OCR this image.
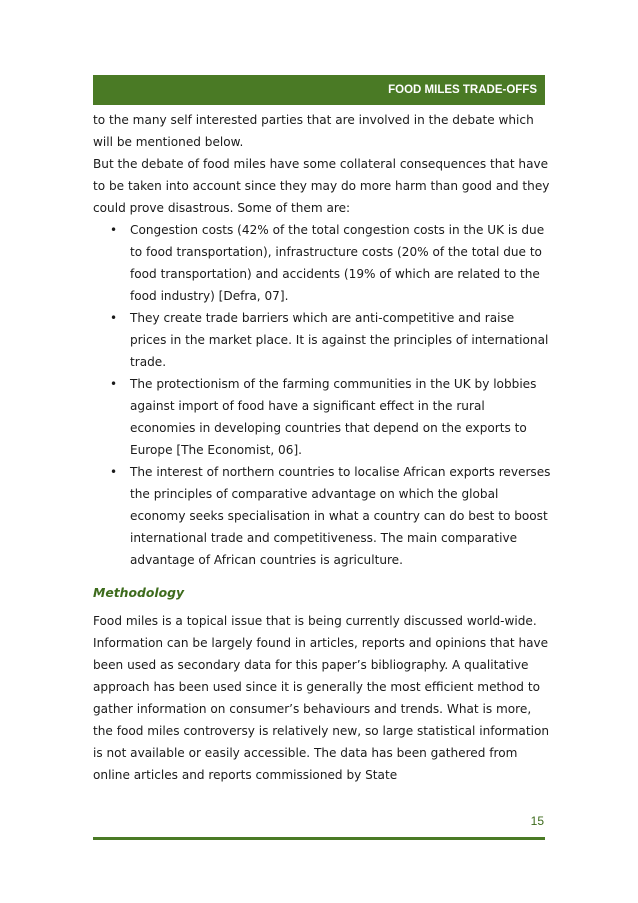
FOOD MILES TRADE-OFFS

to the many self interested parties that are involved in the debate which will be mentioned below.

But the debate of food miles have some collateral consequences that have to be taken into account since they may do more harm than good and they could prove disastrous. Some of them are:

• Congestion costs (42% of the total congestion costs in the UK is due to food transportation), infrastructure costs (20% of the total due to food transportation) and accidents (19% of which are related to the food industry) [Defra, 07].
• They create trade barriers which are anti-competitive and raise prices in the market place. It is against the principles of international trade.
• The protectionism of the farming communities in the UK by lobbies against import of food have a significant effect in the rural economies in developing countries that depend on the exports to Europe [The Economist, 06].
• The interest of northern countries to localise African exports reverses the principles of comparative advantage on which the global economy seeks specialisation in what a country can do best to boost international trade and competitiveness. The main comparative advantage of African countries is agriculture.
Methodology

Food miles is a topical issue that is being currently discussed world-wide. Information can be largely found in articles, reports and opinions that have been used as secondary data for this paper’s bibliography. A qualitative approach has been used since it is generally the most efficient method to gather information on consumer’s behaviours and trends. What is more, the food miles controversy is relatively new, so large statistical information is not available or easily accessible. The data has been gathered from online articles and reports commissioned by State

15
